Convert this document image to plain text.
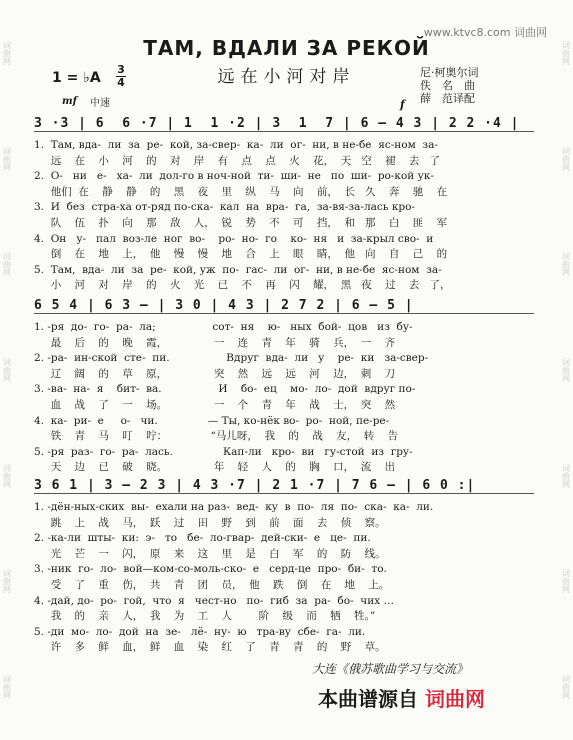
词曲网
词曲网
词曲网
词曲网
词曲网
词曲网
词曲网
词曲网
词曲网
词曲网
词曲网
词曲网
词曲网
词曲网
www.ktvc8.com 词曲网
ТАМ, ВДАЛИ ЗА РЕКОЙ
远在小河对岸
1 = ♭A
3
4
尼·柯奥尔词
佚　名　曲
薛　范译配
mf 中速	f
3 ·3 | 6  6 ·7 | 1  1 ·2 | 3  1  7 | 6 — 4 3 | 2 2 ·4 |
1.  Там, вда-  ли  за  ре-  кой, за-свер-  ка-  ли  ог-  ни, в не-бе  яс-ном  за-
远    在    小    河    的    对    岸    有    点    点    火    花，  天   空    褪    去   了
2.  О-   ни   е-   ха-  ли  дол-го в ноч-ной  ти-  ши-  не   по  ши-  ро-кой ук-
他们  在    静    静    的    黑    夜    里    纵    马    向    前，  长   久    奔    驰    在
3.  И  без  стра-ха от-ряд по-ска-  кал  на  вра-  га,  за-вя-за-лась кро-
队    伍    扑    向    那    敌    人，  锐    势    不    可    挡，  和   那    白    匪    军
4.  Он   у-   пал  воз-ле  ног  во-    ро-  но-  го    ко-  ня   и  за-крыл сво-  и
倒    在    地    上，  他    慢    慢    地    合    上    眼    睛，  他   向    自    己    的
5.  Там,  вда-  ли  за  ре-  кой, уж  по-  гас-  ли  ог-  ни, в не-бе  яс-ном  за-
小    河    对    岸    的    火    光    已    不    再    闪    耀，  黑   夜    过    去   了，
6 5 4 | 6 3 — | 3 0 | 4 3 | 2 7 2 | 6 — 5 |
1. -ря  до-  го-  ра-  ла;                 сот-  ня    ю-   ных  бой-  цов   из  бу-
最    后    的    晚    霞，              一    连    青    年    骑    兵，  一    齐
2. -ра-  ин-ской  сте-  пи.                 Вдруг  вда-  ли   у    ре-  ки   за-свер-
辽    阔    的    草    原，              突    然    远    远    河    边，  刺    刀
3. -ва-  на-  я    бит-  ва.                 И    бо-  ец    мо-  ло-  дой  вдруг по-
血    战    了    一    场。              一    个    青    年    战    士，  突    然
4.  ка-  ри-  е     о-   чи.               — Ты, ко-нёк во-  ро-  ной, пе-ре-
铁    青    马    叮    咛：             “马儿呀，  我    的    战    友，  转    告
5. -ря  раз-  го-  ра-  лась.               Кап-ли   кро-  ви   гу-стой  из  гру-
天    边    已    破    晓。              年    轻    人    的    胸    口，  流    出
3 6 1 | 3 — 2 3 | 4 3 ·7 | 2 1 ·7 | 7 6 — | 6 0 :|
1. -дён-ных-ских  вы-  ехали на раз-  вед-  ку  в  по-  ля  по-  ска-  ка-  ли.
跳    上    战    马，  跃    过    田    野    到    前    面    去    侦    察。
2. -ка-ли  шты-  ки:  э-   то   бе-  ло-гвар-  дей-ски-  е   це-  пи.
光    芒    一    闪，  原    来    这    里    是    白    军    的    防    线。
3. -ник  го-  ло-  вой—ком-со-моль-ско-  е   серд-це  про-  би-  то.
受    了    重    伤，  共    青    团    员，  他    跌    倒    在    地    上。
4. -дай, до-  ро-  гой,  что  я   чест-но   по-  гиб  за  ра-  бо-  чих …
我    的    亲    人，  我    为    工    人        阶    级    而    牺    牲。”
5. -ди  мо-  ло-  дой  на  зе-   лё-  ну-  ю   тра-ву  сбе-  га-  ли.
许    多    鲜    血，  鲜    血    染    红    了    青    青    的    野    草。
大连《俄苏歌曲学习与交流》
本曲谱源自 词曲网
